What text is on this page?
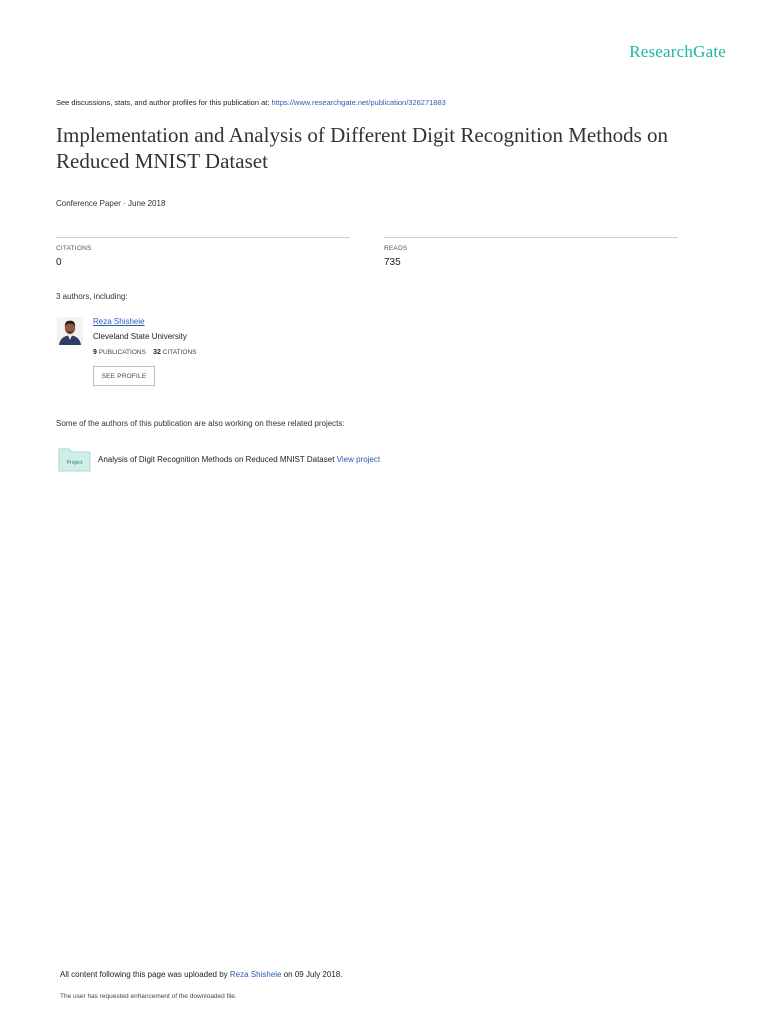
ResearchGate
See discussions, stats, and author profiles for this publication at: https://www.researchgate.net/publication/326271883
Implementation and Analysis of Different Digit Recognition Methods on Reduced MNIST Dataset
Conference Paper · June 2018
CITATIONS
0
READS
735
3 authors, including:
Reza Shisheie
Cleveland State University
9 PUBLICATIONS 32 CITATIONS
SEE PROFILE
Some of the authors of this publication are also working on these related projects:
Project Analysis of Digit Recognition Methods on Reduced MNIST Dataset View project
All content following this page was uploaded by Reza Shisheie on 09 July 2018.
The user has requested enhancement of the downloaded file.
